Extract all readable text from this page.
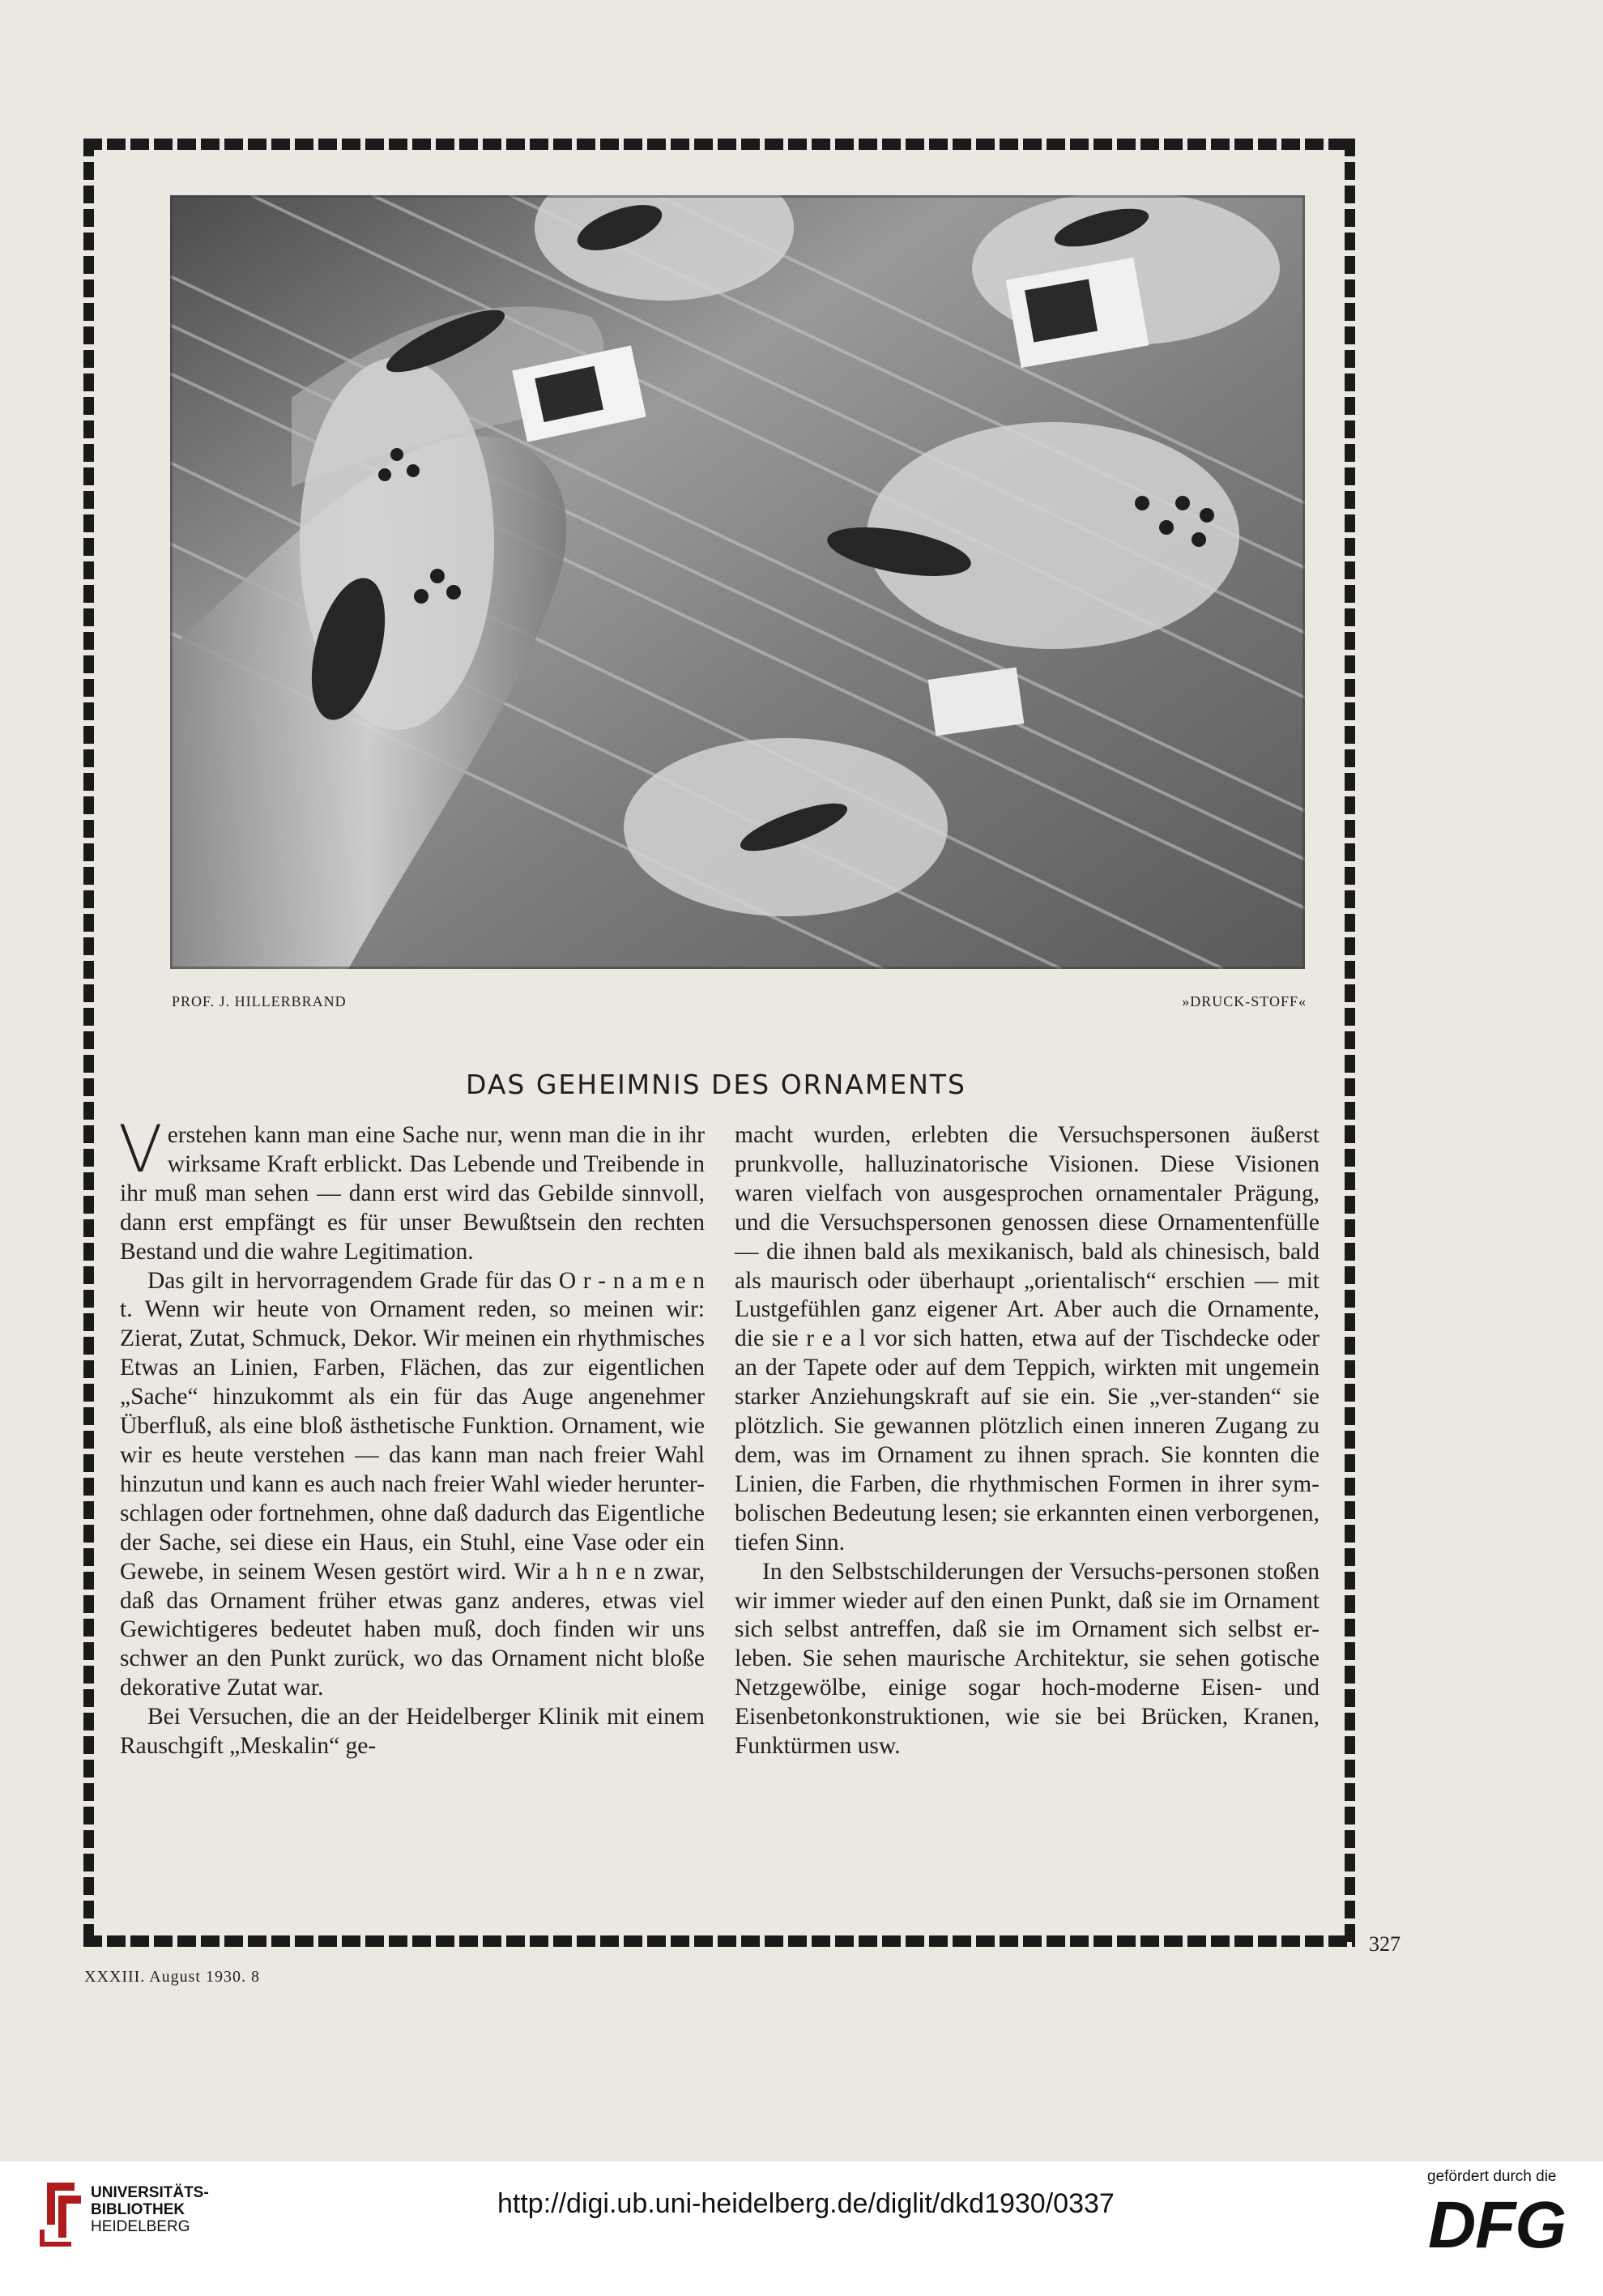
PROF. J. HILLERBRAND	»DRUCK-STOFF«
DAS GEHEIMNIS DES ORNAMENTS

Verstehen kann man eine Sache nur, wenn man die in ihr wirksame Kraft erblickt. Das Lebende und Treibende in ihr muß man sehen — dann erst wird das Gebilde sinnvoll, dann erst empfängt es für unser Bewußtsein den rechten Bestand und die wahre Legitimation.

Das gilt in hervorragendem Grade für das O r - n a m e n t. Wenn wir heute von Ornament reden, so meinen wir: Zierat, Zutat, Schmuck, Dekor. Wir meinen ein rhythmisches Etwas an Linien, Farben, Flächen, das zur eigentlichen „Sache“ hinzukommt als ein für das Auge angenehmer Überfluß, als eine bloß ästhetische Funktion. Ornament, wie wir es heute verstehen — das kann man nach freier Wahl hinzutun und kann es auch nach freier Wahl wieder herunter-schlagen oder fortnehmen, ohne daß dadurch das Eigentliche der Sache, sei diese ein Haus, ein Stuhl, eine Vase oder ein Gewebe, in seinem Wesen gestört wird. Wir a h n e n zwar, daß das Ornament früher etwas ganz anderes, etwas viel Gewichtigeres bedeutet haben muß, doch finden wir uns schwer an den Punkt zurück, wo das Ornament nicht bloße dekorative Zutat war.

Bei Versuchen, die an der Heidelberger Klinik mit einem Rauschgift „Meskalin“ ge-

macht wurden, erlebten die Versuchspersonen äußerst prunkvolle, halluzinatorische Visionen. Diese Visionen waren vielfach von ausgesprochen ornamentaler Prägung, und die Versuchspersonen genossen diese Ornamentenfülle — die ihnen bald als mexikanisch, bald als chinesisch, bald als maurisch oder überhaupt „orientalisch“ erschien — mit Lustgefühlen ganz eigener Art. Aber auch die Ornamente, die sie r e a l vor sich hatten, etwa auf der Tischdecke oder an der Tapete oder auf dem Teppich, wirkten mit ungemein starker Anziehungskraft auf sie ein. Sie „ver-standen“ sie plötzlich. Sie gewannen plötzlich einen inneren Zugang zu dem, was im Ornament zu ihnen sprach. Sie konnten die Linien, die Farben, die rhythmischen Formen in ihrer sym-bolischen Bedeutung lesen; sie erkannten einen verborgenen, tiefen Sinn.

In den Selbstschilderungen der Versuchs-personen stoßen wir immer wieder auf den einen Punkt, daß sie im Ornament sich selbst antreffen, daß sie im Ornament sich selbst er-leben. Sie sehen maurische Architektur, sie sehen gotische Netzgewölbe, einige sogar hoch-moderne Eisen- und Eisenbetonkonstruktionen, wie sie bei Brücken, Kranen, Funktürmen usw.

327
XXXIII. August 1930. 8
UNIVERSITÄTS-
BIBLIOTHEK
HEIDELBERG
http://digi.ub.uni-heidelberg.de/diglit/dkd1930/0337
gefördert durch die
DFG
